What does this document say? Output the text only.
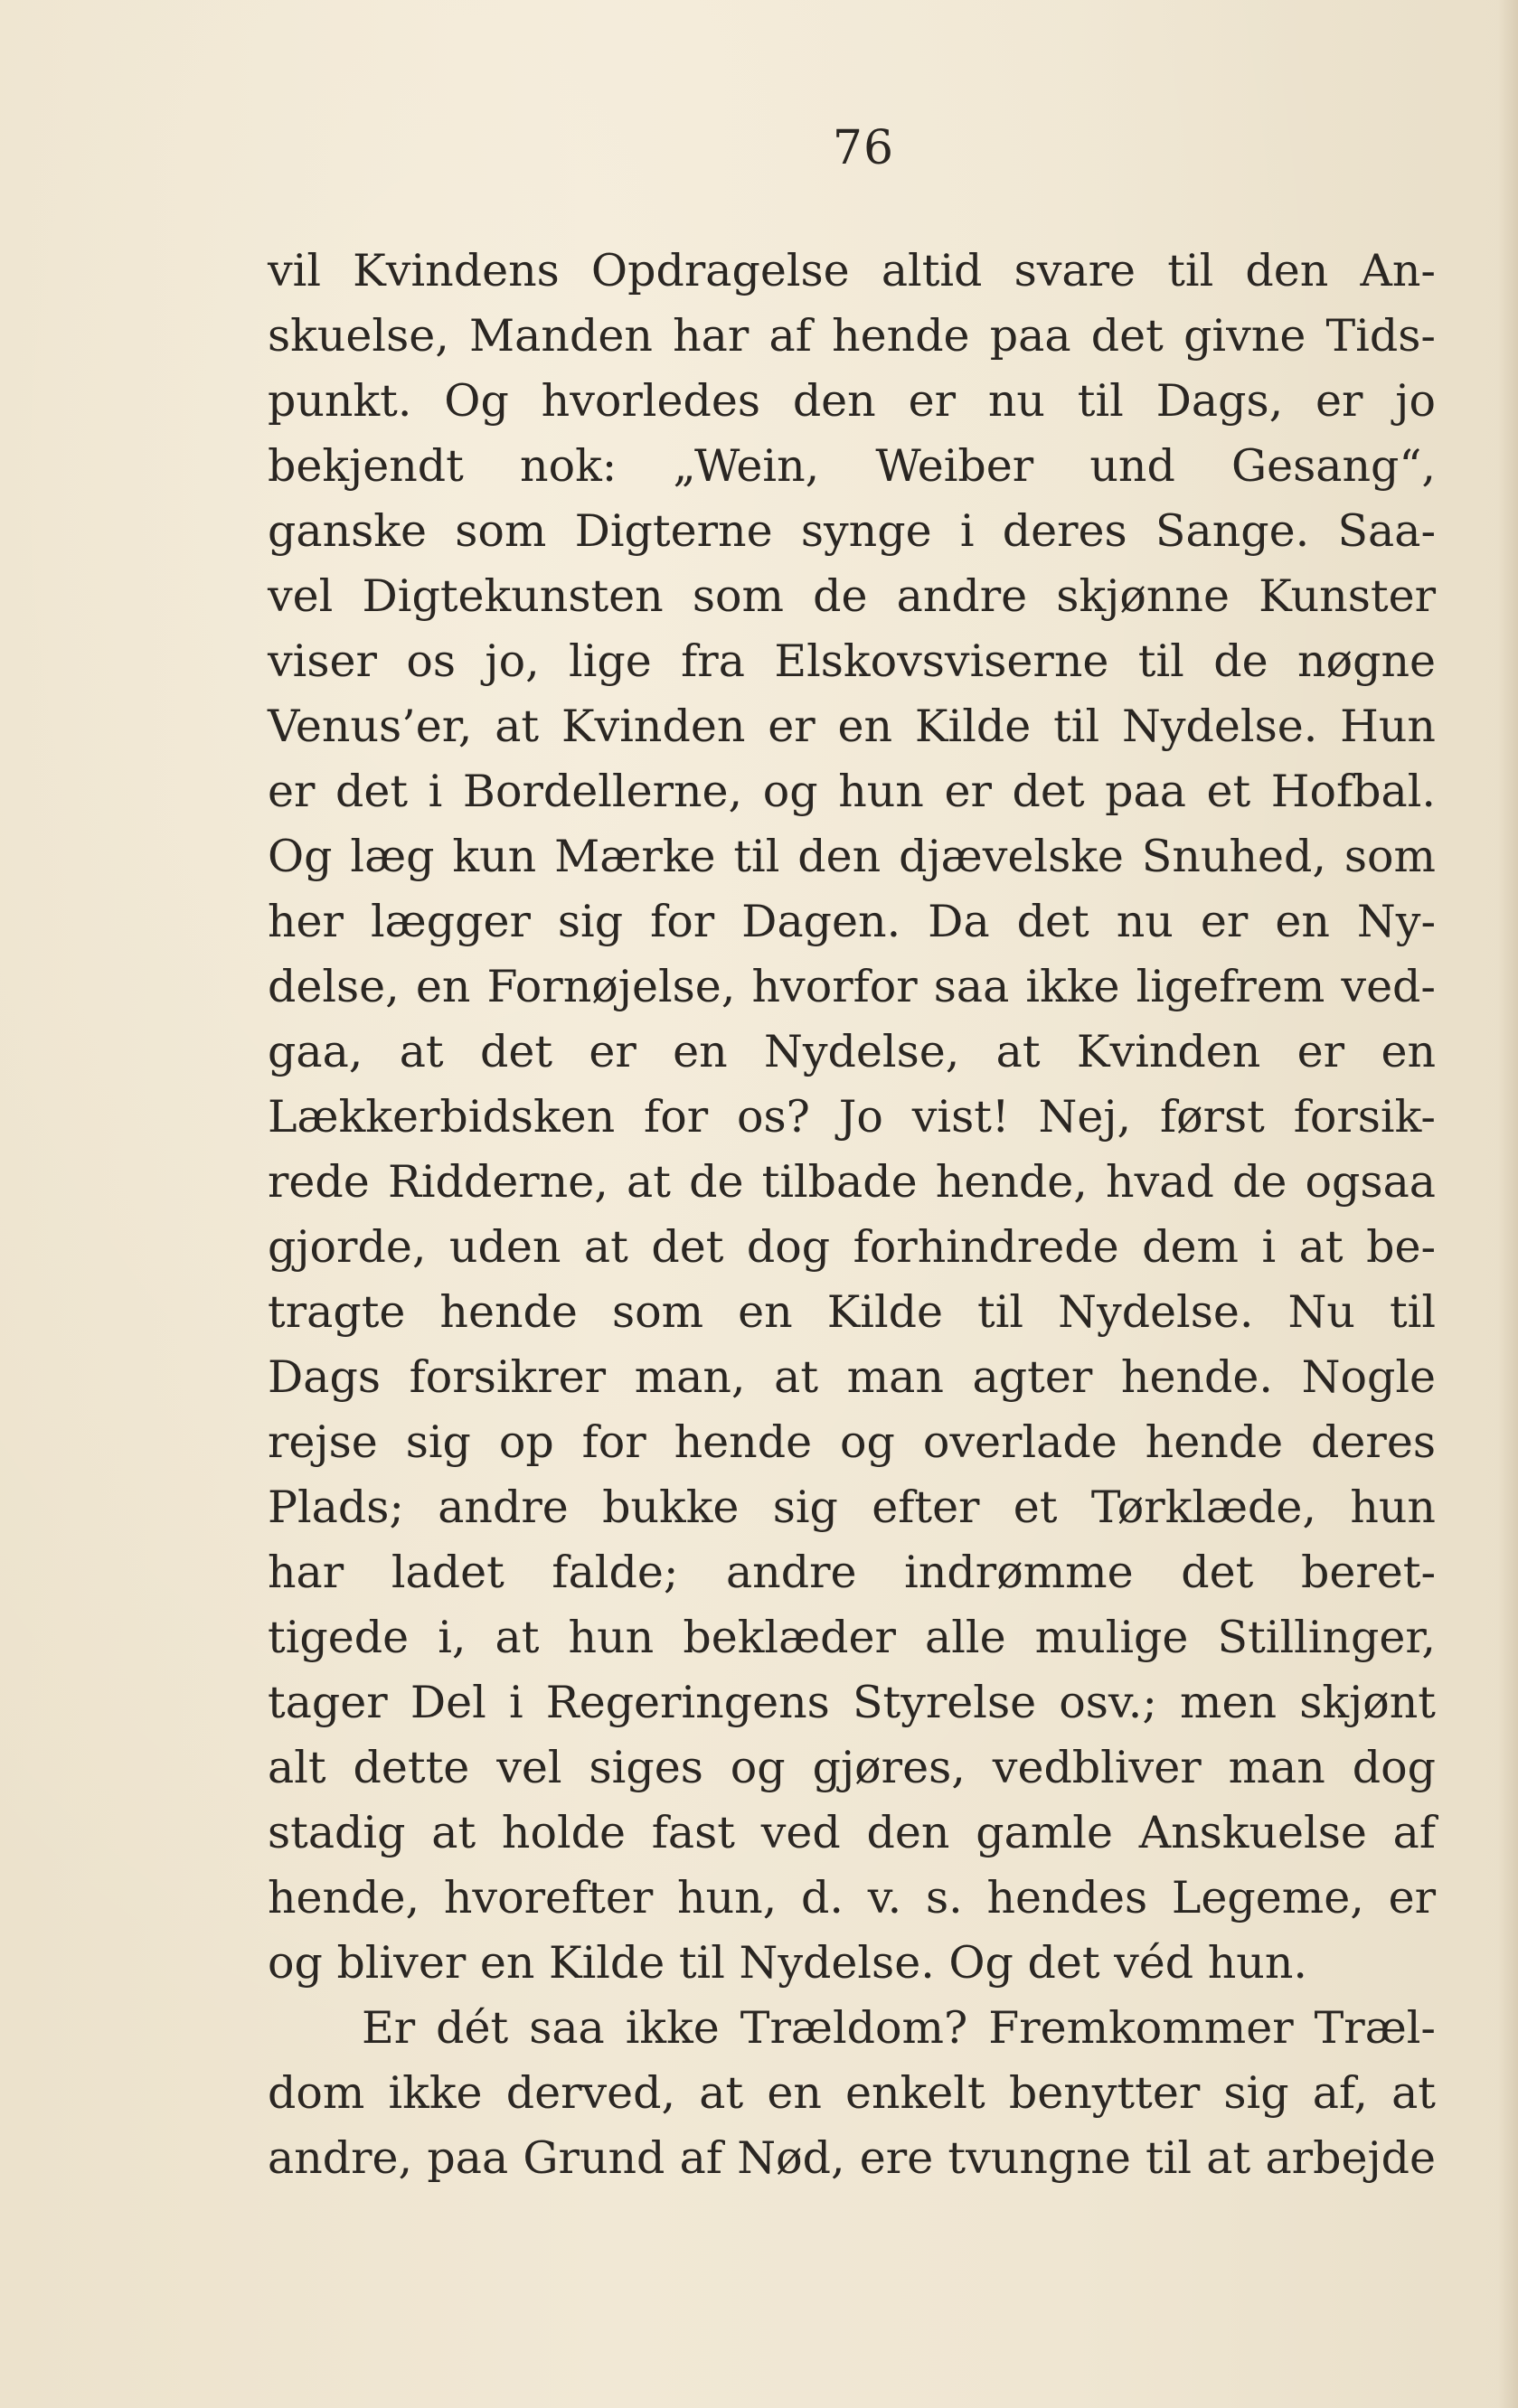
76
vil Kvindens Opdragelse altid svare til den An-
skuelse, Manden har af hende paa det givne Tids-
punkt. Og hvorledes den er nu til Dags, er jo
bekjendt nok: „Wein, Weiber und Gesang“,
ganske som Digterne synge i deres Sange. Saa-
vel Digtekunsten som de andre skjønne Kunster
viser os jo, lige fra Elskovsviserne til de nøgne
Venus’er, at Kvinden er en Kilde til Nydelse. Hun
er det i Bordellerne, og hun er det paa et Hofbal.
Og læg kun Mærke til den djævelske Snuhed, som
her lægger sig for Dagen. Da det nu er en Ny-
delse, en Fornøjelse, hvorfor saa ikke ligefrem ved-
gaa, at det er en Nydelse, at Kvinden er en
Lækkerbidsken for os? Jo vist! Nej, først forsik-
rede Ridderne, at de tilbade hende, hvad de ogsaa
gjorde, uden at det dog forhindrede dem i at be-
tragte hende som en Kilde til Nydelse. Nu til
Dags forsikrer man, at man agter hende. Nogle
rejse sig op for hende og overlade hende deres
Plads; andre bukke sig efter et Tørklæde, hun
har ladet falde; andre indrømme det beret-
tigede i, at hun beklæder alle mulige Stillinger,
tager Del i Regeringens Styrelse osv.; men skjønt
alt dette vel siges og gjøres, vedbliver man dog
stadig at holde fast ved den gamle Anskuelse af
hende, hvorefter hun, d. v. s. hendes Legeme, er
og bliver en Kilde til Nydelse. Og det véd hun.
Er dét saa ikke Trældom? Fremkommer Træl-
dom ikke derved, at en enkelt benytter sig af, at
andre, paa Grund af Nød, ere tvungne til at arbejde
